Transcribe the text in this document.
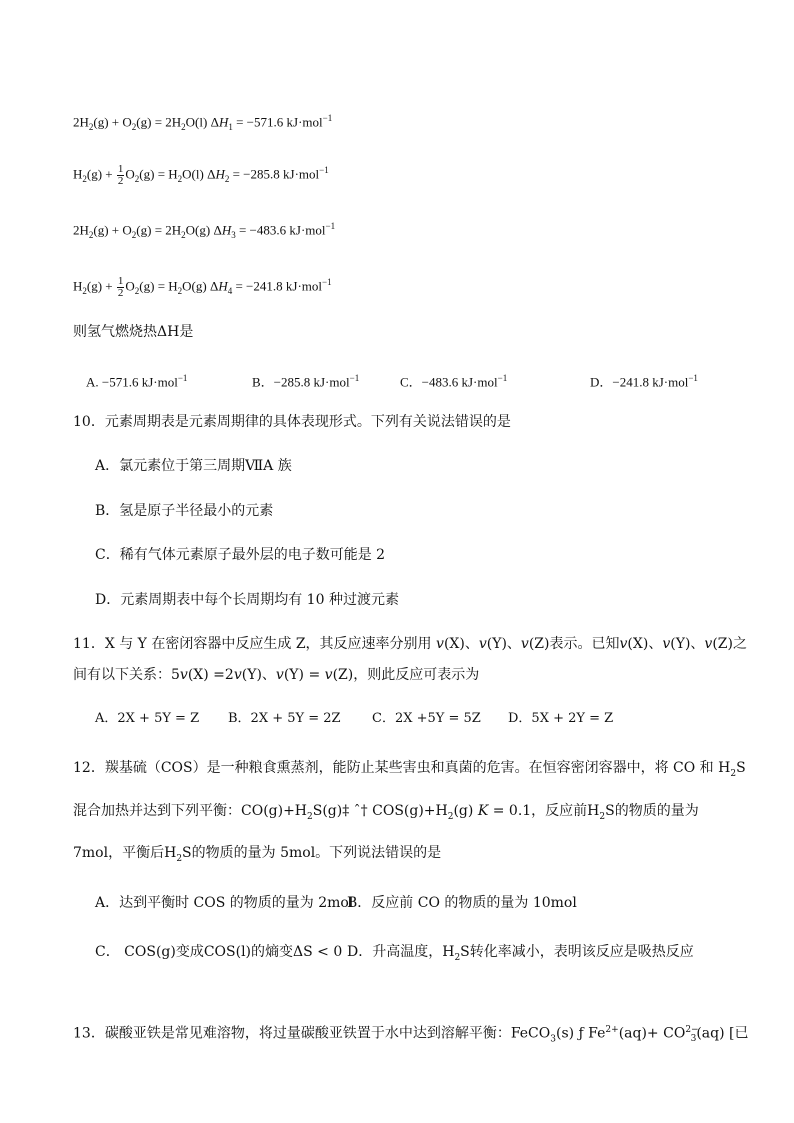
$2H_2(g) + O_2(g) = 2H_2O(l) \Delta H_1 = -571.6$ kJ·mol$^{-1}$
$H_2(g) + \frac{1}{2} O_2(g) = H_2O(l) \Delta H_2 = -285.8$ kJ·mol$^{-1}$
$2H_2(g) + O_2(g) = 2H_2O(g) \Delta H_3 = -483.6$ kJ·mol$^{-1}$
$H_2(g) + \frac{1}{2} O_2(g) = H_2O(g) \Delta H_4 = -241.8$ kJ·mol$^{-1}$
则氢气燃烧热ΔH是
A. −571.6 kJ·mol$^{-1}$	B．−285.8 kJ·mol$^{-1}$	C．−483.6 kJ·mol$^{-1}$	D．−241.8 kJ·mol$^{-1}$
10．元素周期表是元素周期律的具体表现形式。下列有关说法错误的是
A．氯元素位于第三周期ⅦA 族
B．氢是原子半径最小的元素
C．稀有气体元素原子最外层的电子数可能是 2
D．元素周期表中每个长周期均有 10 种过渡元素
11．X 与 Y 在密闭容器中反应生成 Z，其反应速率分别用 v(X)、v(Y)、v(Z)表示。已知v(X)、v(Y)、v(Z)之
间有以下关系：5v(X) =2v(Y)、v(Y) = v(Z)，则此反应可表示为
A．2X + 5Y = Z B．2X + 5Y = 2Z C．2X +5Y = 5Z D．5X + 2Y = Z
12．羰基硫（COS）是一种粮食熏蒸剂，能防止某些害虫和真菌的危害。在恒容密闭容器中，将 CO 和 $H_2S$
混合加热并达到下列平衡：$CO(g)+H_2S(g)\ddagger$ ˆ† $COS(g)+H_2(g) K = 0.1$，反应前$H_2S$的物质的量为
7mol，平衡后$H_2S$的物质的量为 5mol。下列说法错误的是
A．达到平衡时 COS 的物质的量为 2mol
B．反应前 CO 的物质的量为 10mol
C． COS(g)变成COS(l)的熵变ΔS < 0 D．升高温度，$H_2S$转化率减小，表明该反应是吸热反应
13．碳酸亚铁是常见难溶物，将过量碳酸亚铁置于水中达到溶解平衡：FeCO$_3$(s) ƒ $Fe^{2+}(aq)+ CO^{2-}_3(aq)$ [已
